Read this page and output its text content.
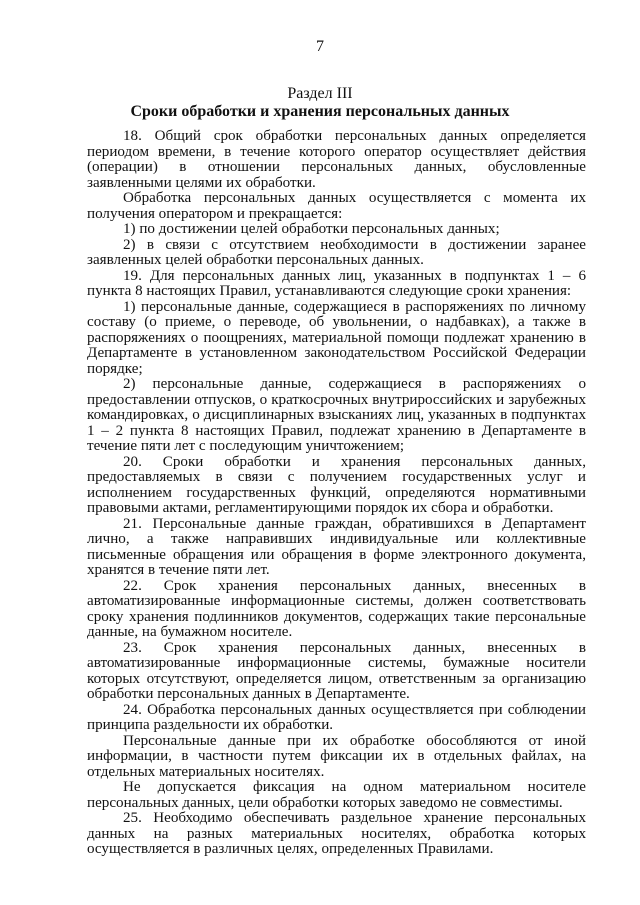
7
Раздел III
Сроки обработки и хранения персональных данных

18. Общий срок обработки персональных данных определяется периодом времени, в течение которого оператор осуществляет действия (операции) в отношении персональных данных, обусловленные заявленными целями их обработки.

Обработка персональных данных осуществляется с момента их получения оператором и прекращается:

1) по достижении целей обработки персональных данных;

2) в связи с отсутствием необходимости в достижении заранее заявленных целей обработки персональных данных.

19. Для персональных данных лиц, указанных в подпунктах 1 – 6 пункта 8 настоящих Правил, устанавливаются следующие сроки хранения:

1) персональные данные, содержащиеся в распоряжениях по личному составу (о приеме, о переводе, об увольнении, о надбавках), а также в распоряжениях о поощрениях, материальной помощи подлежат хранению в Департаменте в установленном законодательством Российской Федерации порядке;

2) персональные данные, содержащиеся в распоряжениях о предоставлении отпусков, о краткосрочных внутрироссийских и зарубежных командировках, о дисциплинарных взысканиях лиц, указанных в подпунктах 1 – 2 пункта 8 настоящих Правил, подлежат хранению в Департаменте в течение пяти лет с последующим уничтожением;

20. Сроки обработки и хранения персональных данных, предоставляемых в связи с получением государственных услуг и исполнением государственных функций, определяются нормативными правовыми актами, регламентирующими порядок их сбора и обработки.

21. Персональные данные граждан, обратившихся в Департамент лично, а также направивших индивидуальные или коллективные письменные обращения или обращения в форме электронного документа, хранятся в течение пяти лет.

22. Срок хранения персональных данных, внесенных в автоматизированные информационные системы, должен соответствовать сроку хранения подлинников документов, содержащих такие персональные данные, на бумажном носителе.

23. Срок хранения персональных данных, внесенных в автоматизированные информационные системы, бумажные носители которых отсутствуют, определяется лицом, ответственным за организацию обработки персональных данных в Департаменте.

24. Обработка персональных данных осуществляется при соблюдении принципа раздельности их обработки.

Персональные данные при их обработке обособляются от иной информации, в частности путем фиксации их в отдельных файлах, на отдельных материальных носителях.

Не допускается фиксация на одном материальном носителе персональных данных, цели обработки которых заведомо не совместимы.

25. Необходимо обеспечивать раздельное хранение персональных данных на разных материальных носителях, обработка которых осуществляется в различных целях, определенных Правилами.
